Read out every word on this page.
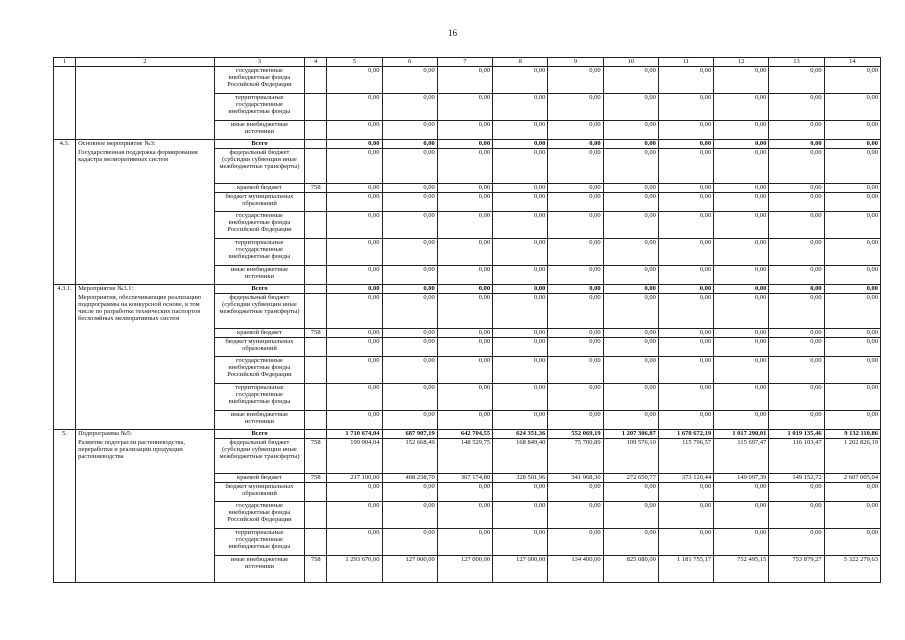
16
1	2	3	4	5	6	7	8	9	10	11	12	13	14
		государственные внебюджетные фонды Российской Федерации		0,00	0,00	0,00	0,00	0,00	0,00	0,00	0,00	0,00	0,00
		территориальные государственные внебюджетные фонды		0,00	0,00	0,00	0,00	0,00	0,00	0,00	0,00	0,00	0,00
		иные внебюджетные источники		0,00	0,00	0,00	0,00	0,00	0,00	0,00	0,00	0,00	0,00
4.3.	Основное мероприятие №3:	Всего		0,00	0,00	0,00	0,00	0,00	0,00	0,00	0,00	0,00	0,00
	Государственная поддержка формирования кадастра мелиоративных систем	федеральный бюджет (субсидии субвенции иные межбюджетные трансферты)		0,00	0,00	0,00	0,00	0,00	0,00	0,00	0,00	0,00	0,00
		краевой бюджет	758	0,00	0,00	0,00	0,00	0,00	0,00	0,00	0,00	0,00	0,00
		бюджет муниципальных образований		0,00	0,00	0,00	0,00	0,00	0,00	0,00	0,00	0,00	0,00
		государственные внебюджетные фонды Российской Федерации		0,00	0,00	0,00	0,00	0,00	0,00	0,00	0,00	0,00	0,00
		территориальные государственные внебюджетные фонды		0,00	0,00	0,00	0,00	0,00	0,00	0,00	0,00	0,00	0,00
		иные внебюджетные источники		0,00	0,00	0,00	0,00	0,00	0,00	0,00	0,00	0,00	0,00
4.3.1.	Мероприятие №3.1:	Всего		0,00	0,00	0,00	0,00	0,00	0,00	0,00	0,00	0,00	0,00
	Мероприятия, обеспечивающие реализацию подпрограммы на конкурсной основе, в том числе по разработке технических паспортов бесхозяйных мелиоративных систем	федеральный бюджет (субсидии субвенции иные межбюджетные трансферты)		0,00	0,00	0,00	0,00	0,00	0,00	0,00	0,00	0,00	0,00
		краевой бюджет	758	0,00	0,00	0,00	0,00	0,00	0,00	0,00	0,00	0,00	0,00
		бюджет муниципальных образований		0,00	0,00	0,00	0,00	0,00	0,00	0,00	0,00	0,00	0,00
		государственные внебюджетные фонды Российской Федерации		0,00	0,00	0,00	0,00	0,00	0,00	0,00	0,00	0,00	0,00
		территориальные государственные внебюджетные фонды		0,00	0,00	0,00	0,00	0,00	0,00	0,00	0,00	0,00	0,00
		иные внебюджетные источники		0,00	0,00	0,00	0,00	0,00	0,00	0,00	0,00	0,00	0,00
5.	Подпрограмма №5:	Всего		1 710 674,04	687 907,19	642 704,55	624 351,36	552 069,19	1 207 306,87	1 670 672,19	1 017 290,01	1 019 135,46	9 132 110,86
	Развитие подотрасли растениеводства, переработки и реализации продукции растениеводства	федеральный бюджет (субсидии субвенции иные межбюджетные трансферты)	758	199 904,04	152 668,49	148 529,75	168 849,40	75 700,89	109 576,10	115 796,57	115 697,47	116 103,47	1 202 826,19
		краевой бюджет	758	217 100,00	408 238,70	367 174,80	328 501,96	341 968,30	272 650,77	373 120,44	149 097,39	149 152,72	2 607 005,04
		бюджет муниципальных образований		0,00	0,00	0,00	0,00	0,00	0,00	0,00	0,00	0,00	0,00
		государственные внебюджетные фонды Российской Федерации		0,00	0,00	0,00	0,00	0,00	0,00	0,00	0,00	0,00	0,00
		территориальные государственные внебюджетные фонды		0,00	0,00	0,00	0,00	0,00	0,00	0,00	0,00	0,00	0,00
		иные внебюджетные источники	758	1 293 670,00	127 000,00	127 000,00	127 000,00	134 400,00	825 080,00	1 181 755,17	752 495,15	753 879,27	5 322 279,63
